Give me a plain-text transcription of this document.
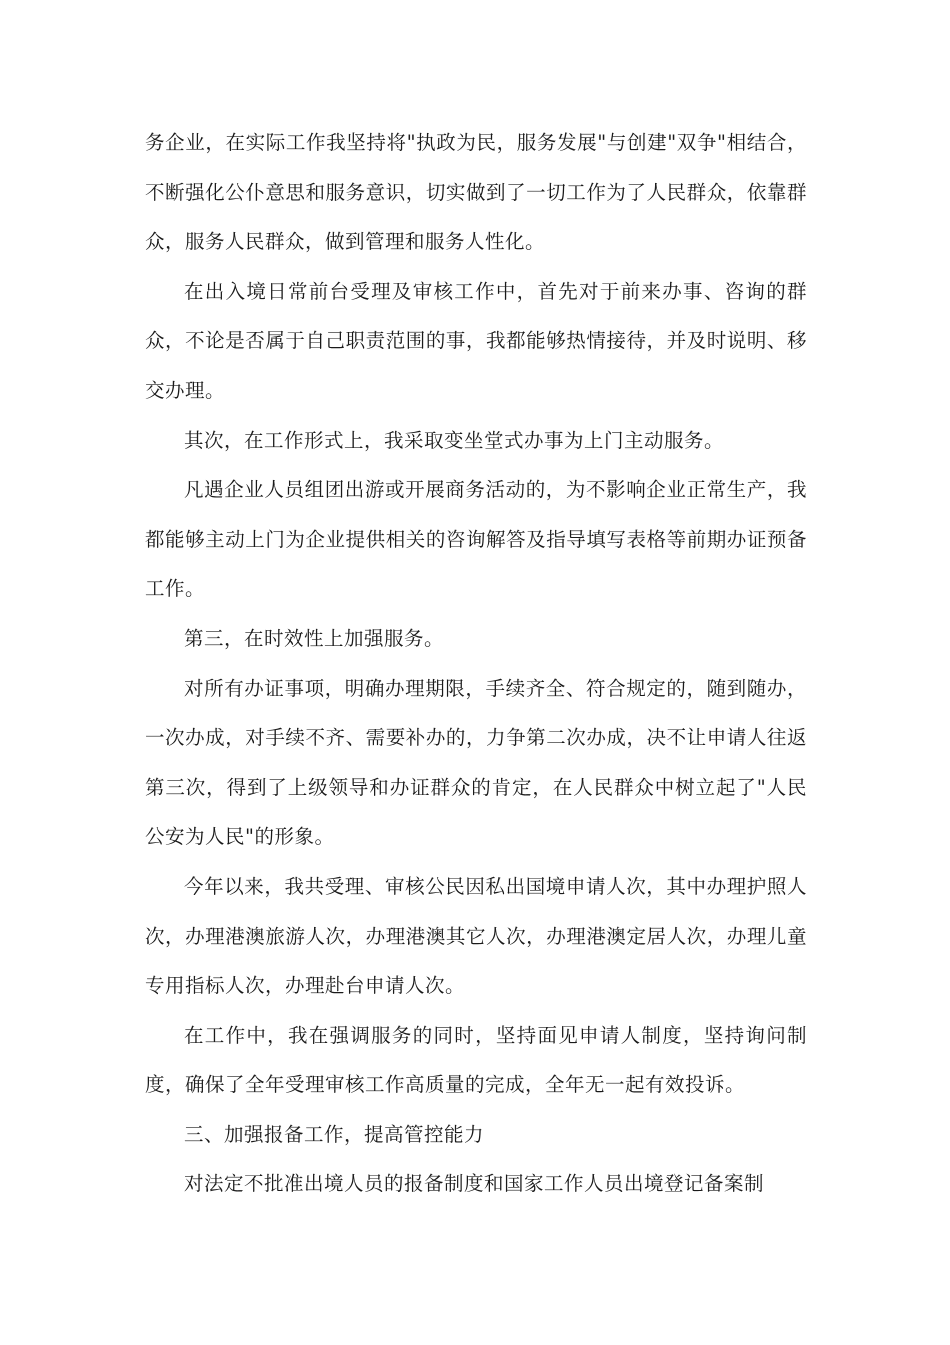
务企业，在实际工作我坚持将"执政为民，服务发展"与创建"双争"相结合，不断强化公仆意思和服务意识，切实做到了一切工作为了人民群众，依靠群众，服务人民群众，做到管理和服务人性化。

在出入境日常前台受理及审核工作中，首先对于前来办事、咨询的群众，不论是否属于自己职责范围的事，我都能够热情接待，并及时说明、移交办理。

其次，在工作形式上，我采取变坐堂式办事为上门主动服务。

凡遇企业人员组团出游或开展商务活动的，为不影响企业正常生产，我都能够主动上门为企业提供相关的咨询解答及指导填写表格等前期办证预备工作。

第三，在时效性上加强服务。

对所有办证事项，明确办理期限，手续齐全、符合规定的，随到随办，一次办成，对手续不齐、需要补办的，力争第二次办成，决不让申请人往返第三次，得到了上级领导和办证群众的肯定，在人民群众中树立起了"人民公安为人民"的形象。

今年以来，我共受理、审核公民因私出国境申请人次，其中办理护照人次，办理港澳旅游人次，办理港澳其它人次，办理港澳定居人次，办理儿童专用指标人次，办理赴台申请人次。

在工作中，我在强调服务的同时，坚持面见申请人制度，坚持询问制度，确保了全年受理审核工作高质量的完成，全年无一起有效投诉。

三、加强报备工作，提高管控能力

对法定不批准出境人员的报备制度和国家工作人员出境登记备案制
